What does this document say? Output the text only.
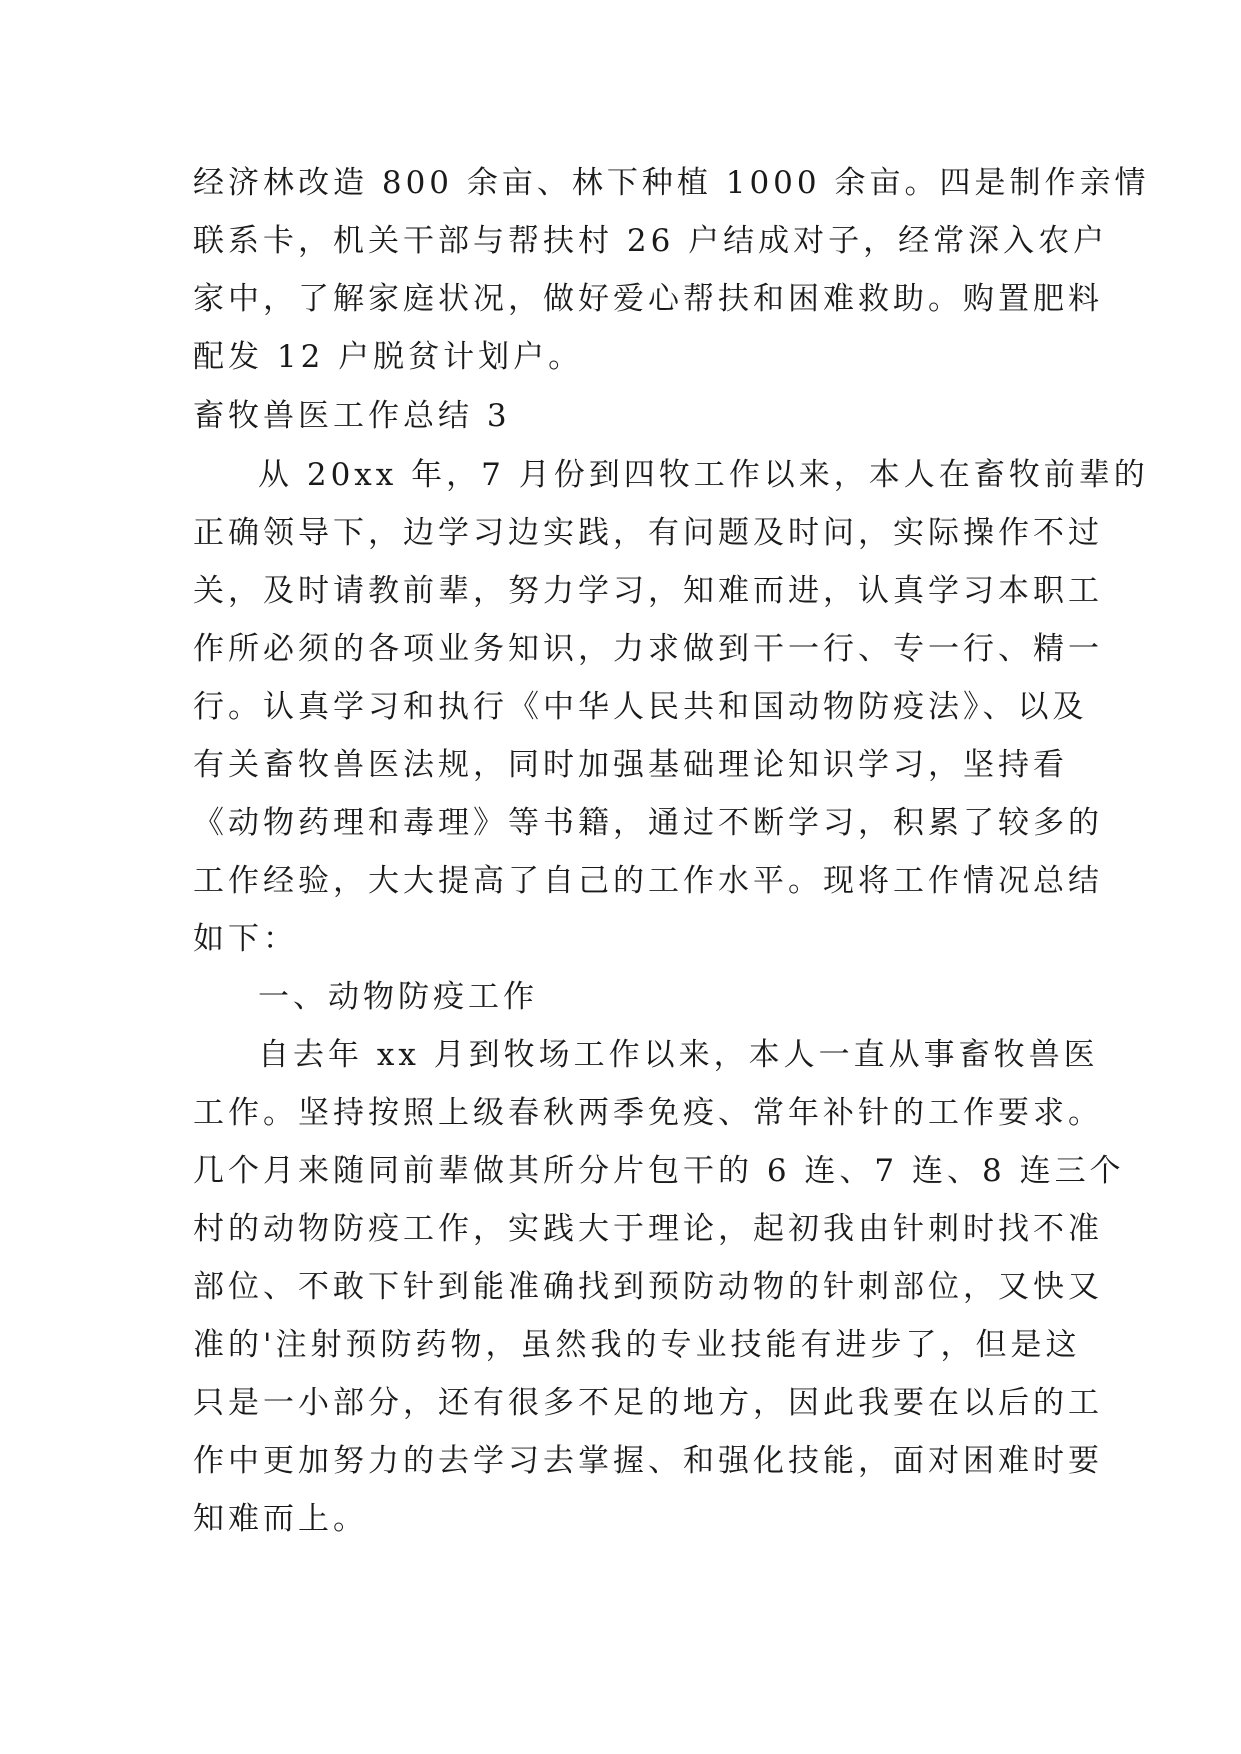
经济林改造 800 余亩、林下种植 1000 余亩。四是制作亲情
联系卡，机关干部与帮扶村 26 户结成对子，经常深入农户
家中，了解家庭状况，做好爱心帮扶和困难救助。购置肥料
配发 12 户脱贫计划户。
畜牧兽医工作总结 3
从 20xx 年，7 月份到四牧工作以来，本人在畜牧前辈的
正确领导下，边学习边实践，有问题及时问，实际操作不过
关，及时请教前辈，努力学习，知难而进，认真学习本职工
作所必须的各项业务知识，力求做到干一行、专一行、精一
行。认真学习和执行《中华人民共和国动物防疫法》、以及
有关畜牧兽医法规，同时加强基础理论知识学习，坚持看
《动物药理和毒理》等书籍，通过不断学习，积累了较多的
工作经验，大大提高了自己的工作水平。现将工作情况总结
如下：
一、动物防疫工作
自去年 xx 月到牧场工作以来，本人一直从事畜牧兽医
工作。坚持按照上级春秋两季免疫、常年补针的工作要求。
几个月来随同前辈做其所分片包干的 6 连、7 连、8 连三个
村的动物防疫工作，实践大于理论，起初我由针刺时找不准
部位、不敢下针到能准确找到预防动物的针刺部位，又快又
准的'注射预防药物，虽然我的专业技能有进步了，但是这
只是一小部分，还有很多不足的地方，因此我要在以后的工
作中更加努力的去学习去掌握、和强化技能，面对困难时要
知难而上。
